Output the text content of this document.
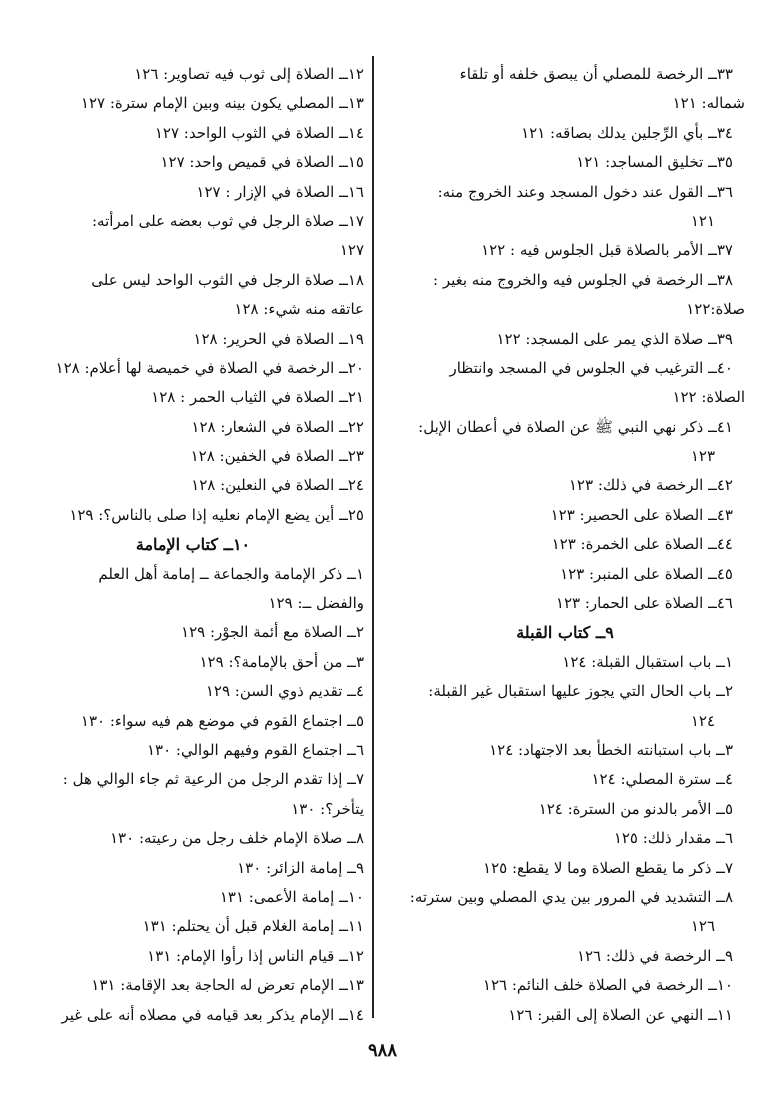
٣٣ــ الرخصة للمصلي أن يبصق خلفه أو تلقاء
شماله: ١٢١
٣٤ــ بأي الرِّجلين يدلك بصاقه: ١٢١
٣٥ــ تخليق المساجد: ١٢١
٣٦ــ القول عند دخول المسجد وعند الخروج منه:
١٢١
٣٧ــ الأمر بالصلاة قبل الجلوس فيه : ١٢٢
٣٨ــ الرخصة في الجلوس فيه والخروج منه بغير :
صلاة:١٢٢
٣٩ــ صلاة الذي يمر على المسجد: ١٢٢
٤٠ــ الترغيب في الجلوس في المسجد وانتظار
الصلاة: ١٢٢
٤١ــ ذكر نهي النبي ﷺ عن الصلاة في أعطان الإبل:
١٢٣
٤٢ــ الرخصة في ذلك: ١٢٣
٤٣ــ الصلاة على الحصير: ١٢٣
٤٤ــ الصلاة على الخمرة: ١٢٣
٤٥ــ الصلاة على المنبر: ١٢٣
٤٦ــ الصلاة على الحمار: ١٢٣
٩ــ كتاب القبلة
١ــ باب استقبال القبلة: ١٢٤
٢ــ باب الحال التي يجوز عليها استقبال غير القبلة:
١٢٤
٣ــ باب استبانته الخطأ بعد الاجتهاد: ١٢٤
٤ــ سترة المصلي: ١٢٤
٥ــ الأمر بالدنو من السترة: ١٢٤
٦ــ مقدار ذلك: ١٢٥
٧ــ ذكر ما يقطع الصلاة وما لا يقطع: ١٢٥
٨ــ التشديد في المرور بين يدي المصلي وبين سترته:
١٢٦
٩ــ الرخصة في ذلك: ١٢٦
١٠ــ الرخصة في الصلاة خلف النائم: ١٢٦
١١ــ النهي عن الصلاة إلى القبر: ١٢٦
١٢ــ الصلاة إلى ثوب فيه تصاوير: ١٢٦
١٣ــ المصلي يكون بينه وبين الإمام سترة: ١٢٧
١٤ــ الصلاة في الثوب الواحد: ١٢٧
١٥ــ الصلاة في قميص واحد: ١٢٧
١٦ــ الصلاة في الإزار : ١٢٧
١٧ــ صلاة الرجل في ثوب بعضه على امرأته:
١٢٧
١٨ــ صلاة الرجل في الثوب الواحد ليس على
عاتقه منه شيء: ١٢٨
١٩ــ الصلاة في الحرير: ١٢٨
٢٠ــ الرخصة في الصلاة في خميصة لها أعلام: ١٢٨
٢١ــ الصلاة في الثياب الحمر : ١٢٨
٢٢ــ الصلاة في الشعار: ١٢٨
٢٣ــ الصلاة في الخفين: ١٢٨
٢٤ــ الصلاة في النعلين: ١٢٨
٢٥ــ أين يضع الإمام نعليه إذا صلى بالناس؟: ١٢٩
١٠ــ كتاب الإمامة
١ــ ذكر الإمامة والجماعة ــ إمامة أهل العلم
والفضل ــ: ١٢٩
٢ــ الصلاة مع أئمة الجوْر: ١٢٩
٣ــ من أحق بالإمامة؟: ١٢٩
٤ــ تقديم ذوي السن: ١٢٩
٥ــ اجتماع القوم في موضع هم فيه سواء: ١٣٠
٦ــ اجتماع القوم وفيهم الوالي: ١٣٠
٧ــ إذا تقدم الرجل من الرعية ثم جاء الوالي هل :
يتأخر؟: ١٣٠
٨ــ صلاة الإمام خلف رجل من رعيته: ١٣٠
٩ــ إمامة الزائر: ١٣٠
١٠ــ إمامة الأعمى: ١٣١
١١ــ إمامة الغلام قبل أن يحتلم: ١٣١
١٢ــ قيام الناس إذا رأوا الإمام: ١٣١
١٣ــ الإمام تعرض له الحاجة بعد الإقامة: ١٣١
١٤ــ الإمام يذكر بعد قيامه في مصلاه أنه على غير
٩٨٨
